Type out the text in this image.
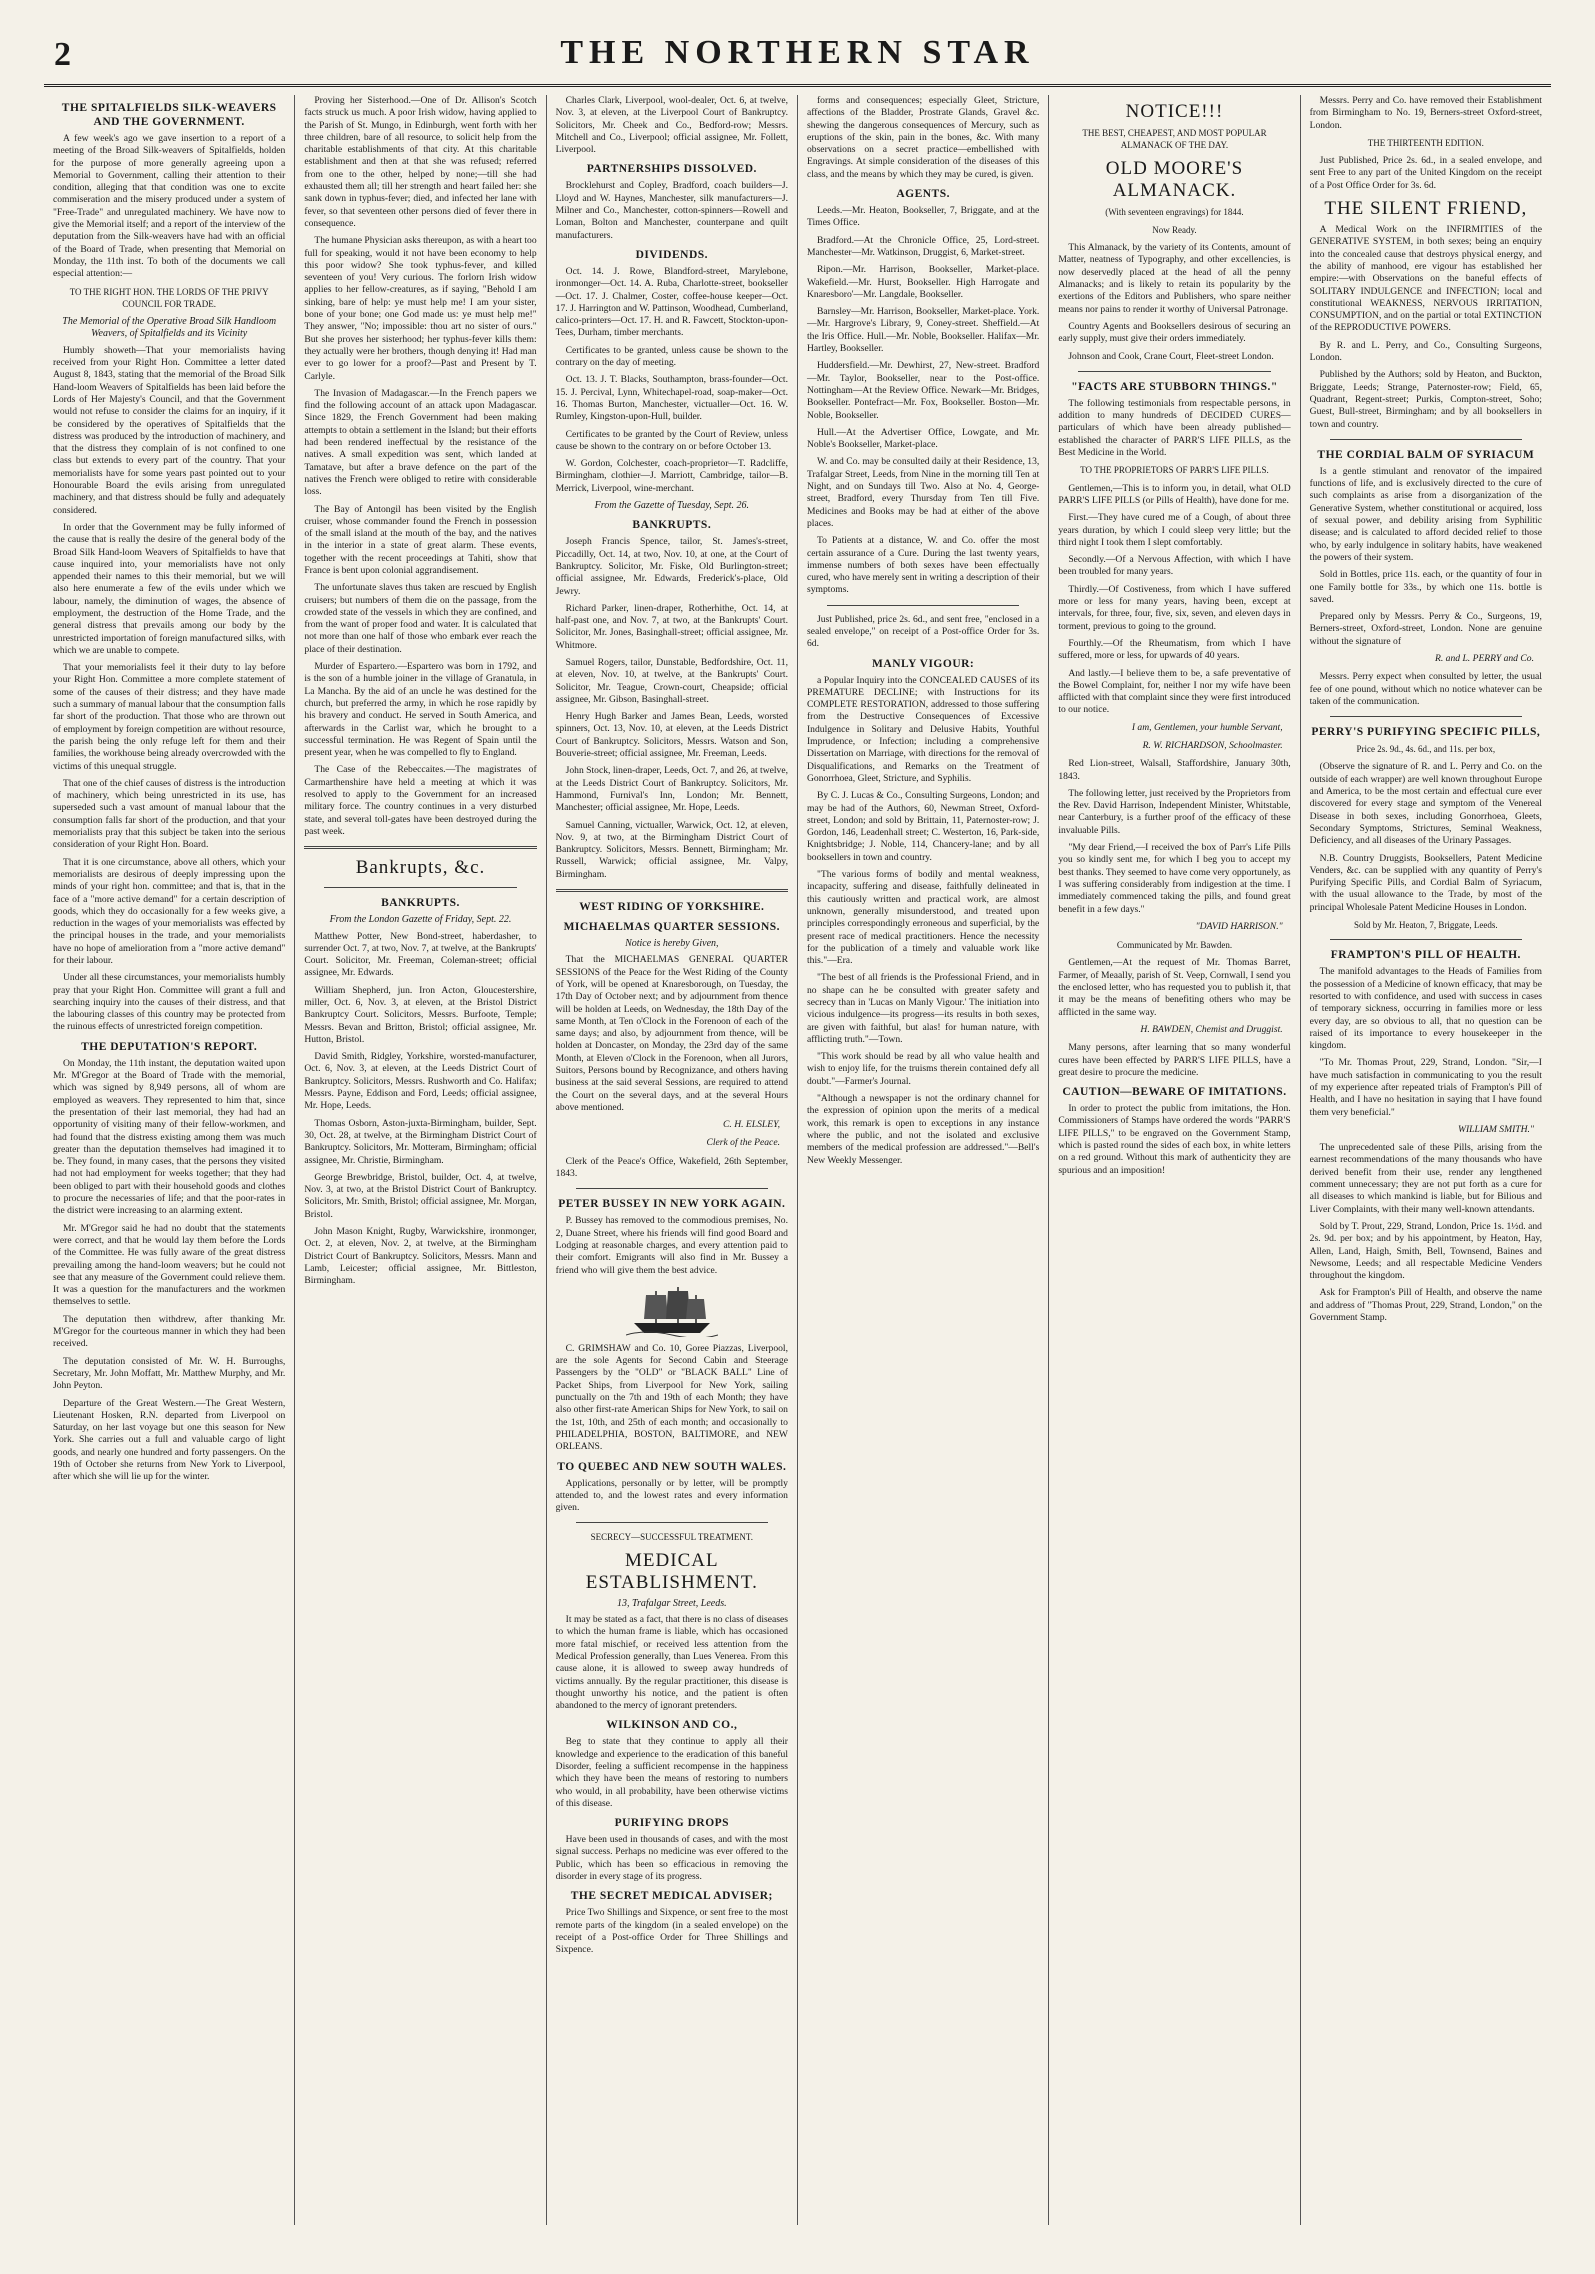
2	THE NORTHERN STAR
THE SPITALFIELDS SILK-WEAVERS AND THE GOVERNMENT.

A few week's ago we gave insertion to a report of a meeting of the Broad Silk-weavers of Spitalfields, holden for the purpose of more generally agreeing upon a Memorial to Government, calling their attention to their condition, alleging that that condition was one to excite commiseration and the misery produced under a system of "Free-Trade" and unregulated machinery. We have now to give the Memorial itself; and a report of the interview of the deputation from the Silk-weavers have had with an official of the Board of Trade, when presenting that Memorial on Monday, the 11th inst. To both of the documents we call especial attention:—

TO THE RIGHT HON. THE LORDS OF THE PRIVY COUNCIL FOR TRADE.
The Memorial of the Operative Broad Silk Handloom Weavers, of Spitalfields and its Vicinity

Humbly showeth—That your memorialists having received from your Right Hon. Committee a letter dated August 8, 1843, stating that the memorial of the Broad Silk Hand-loom Weavers of Spitalfields has been laid before the Lords of Her Majesty's Council, and that the Government would not refuse to consider the claims for an inquiry, if it be considered by the operatives of Spitalfields that the distress was produced by the introduction of machinery, and that the distress they complain of is not confined to one class but extends to every part of the country. That your memorialists have for some years past pointed out to your Honourable Board the evils arising from unregulated machinery, and that distress should be fully and adequately considered.

In order that the Government may be fully informed of the cause that is really the desire of the general body of the Broad Silk Hand-loom Weavers of Spitalfields to have that cause inquired into, your memorialists have not only appended their names to this their memorial, but we will also here enumerate a few of the evils under which we labour, namely, the diminution of wages, the absence of employment, the destruction of the Home Trade, and the general distress that prevails among our body by the unrestricted importation of foreign manufactured silks, with which we are unable to compete.

That your memorialists feel it their duty to lay before your Right Hon. Committee a more complete statement of some of the causes of their distress; and they have made such a summary of manual labour that the consumption falls far short of the production. That those who are thrown out of employment by foreign competition are without resource, the parish being the only refuge left for them and their families, the workhouse being already overcrowded with the victims of this unequal struggle.

That one of the chief causes of distress is the introduction of machinery, which being unrestricted in its use, has superseded such a vast amount of manual labour that the consumption falls far short of the production, and that your memorialists pray that this subject be taken into the serious consideration of your Right Hon. Board.

That it is one circumstance, above all others, which your memorialists are desirous of deeply impressing upon the minds of your right hon. committee; and that is, that in the face of a "more active demand" for a certain description of goods, which they do occasionally for a few weeks give, a reduction in the wages of your memorialists was effected by the principal houses in the trade, and your memorialists have no hope of amelioration from a "more active demand" for their labour.

Under all these circumstances, your memorialists humbly pray that your Right Hon. Committee will grant a full and searching inquiry into the causes of their distress, and that the labouring classes of this country may be protected from the ruinous effects of unrestricted foreign competition.

THE DEPUTATION'S REPORT.

On Monday, the 11th instant, the deputation waited upon Mr. M'Gregor at the Board of Trade with the memorial, which was signed by 8,949 persons, all of whom are employed as weavers. They represented to him that, since the presentation of their last memorial, they had had an opportunity of visiting many of their fellow-workmen, and had found that the distress existing among them was much greater than the deputation themselves had imagined it to be. They found, in many cases, that the persons they visited had not had employment for weeks together; that they had been obliged to part with their household goods and clothes to procure the necessaries of life; and that the poor-rates in the district were increasing to an alarming extent.

Mr. M'Gregor said he had no doubt that the statements were correct, and that he would lay them before the Lords of the Committee. He was fully aware of the great distress prevailing among the hand-loom weavers; but he could not see that any measure of the Government could relieve them. It was a question for the manufacturers and the workmen themselves to settle.

The deputation then withdrew, after thanking Mr. M'Gregor for the courteous manner in which they had been received.

The deputation consisted of Mr. W. H. Burroughs, Secretary, Mr. John Moffatt, Mr. Matthew Murphy, and Mr. John Peyton.

Departure of the Great Western.—The Great Western, Lieutenant Hosken, R.N. departed from Liverpool on Saturday, on her last voyage but one this season for New York. She carries out a full and valuable cargo of light goods, and nearly one hundred and forty passengers. On the 19th of October she returns from New York to Liverpool, after which she will lie up for the winter.

Proving her Sisterhood.—One of Dr. Allison's Scotch facts struck us much. A poor Irish widow, having applied to the Parish of St. Mungo, in Edinburgh, went forth with her three children, bare of all resource, to solicit help from the charitable establishments of that city. At this charitable establishment and then at that she was refused; referred from one to the other, helped by none;—till she had exhausted them all; till her strength and heart failed her: she sank down in typhus-fever; died, and infected her lane with fever, so that seventeen other persons died of fever there in consequence.

The humane Physician asks thereupon, as with a heart too full for speaking, would it not have been economy to help this poor widow? She took typhus-fever, and killed seventeen of you! Very curious. The forlorn Irish widow applies to her fellow-creatures, as if saying, "Behold I am sinking, bare of help: ye must help me! I am your sister, bone of your bone; one God made us: ye must help me!" They answer, "No; impossible: thou art no sister of ours." But she proves her sisterhood; her typhus-fever kills them: they actually were her brothers, though denying it! Had man ever to go lower for a proof?—Past and Present by T. Carlyle.

The Invasion of Madagascar.—In the French papers we find the following account of an attack upon Madagascar. Since 1829, the French Government had been making attempts to obtain a settlement in the Island; but their efforts had been rendered ineffectual by the resistance of the natives. A small expedition was sent, which landed at Tamatave, but after a brave defence on the part of the natives the French were obliged to retire with considerable loss.

The Bay of Antongil has been visited by the English cruiser, whose commander found the French in possession of the small island at the mouth of the bay, and the natives in the interior in a state of great alarm. These events, together with the recent proceedings at Tahiti, show that France is bent upon colonial aggrandisement.

The unfortunate slaves thus taken are rescued by English cruisers; but numbers of them die on the passage, from the crowded state of the vessels in which they are confined, and from the want of proper food and water. It is calculated that not more than one half of those who embark ever reach the place of their destination.

Murder of Espartero.—Espartero was born in 1792, and is the son of a humble joiner in the village of Granatula, in La Mancha. By the aid of an uncle he was destined for the church, but preferred the army, in which he rose rapidly by his bravery and conduct. He served in South America, and afterwards in the Carlist war, which he brought to a successful termination. He was Regent of Spain until the present year, when he was compelled to fly to England.

The Case of the Rebeccaites.—The magistrates of Carmarthenshire have held a meeting at which it was resolved to apply to the Government for an increased military force. The country continues in a very disturbed state, and several toll-gates have been destroyed during the past week.

Bankrupts, &c.
BANKRUPTS.
From the London Gazette of Friday, Sept. 22.

Matthew Potter, New Bond-street, haberdasher, to surrender Oct. 7, at two, Nov. 7, at twelve, at the Bankrupts' Court. Solicitor, Mr. Freeman, Coleman-street; official assignee, Mr. Edwards.

William Shepherd, jun. Iron Acton, Gloucestershire, miller, Oct. 6, Nov. 3, at eleven, at the Bristol District Bankruptcy Court. Solicitors, Messrs. Burfoote, Temple; Messrs. Bevan and Britton, Bristol; official assignee, Mr. Hutton, Bristol.

David Smith, Ridgley, Yorkshire, worsted-manufacturer, Oct. 6, Nov. 3, at eleven, at the Leeds District Court of Bankruptcy. Solicitors, Messrs. Rushworth and Co. Halifax; Messrs. Payne, Eddison and Ford, Leeds; official assignee, Mr. Hope, Leeds.

Thomas Osborn, Aston-juxta-Birmingham, builder, Sept. 30, Oct. 28, at twelve, at the Birmingham District Court of Bankruptcy. Solicitors, Mr. Motteram, Birmingham; official assignee, Mr. Christie, Birmingham.

George Brewbridge, Bristol, builder, Oct. 4, at twelve, Nov. 3, at two, at the Bristol District Court of Bankruptcy. Solicitors, Mr. Smith, Bristol; official assignee, Mr. Morgan, Bristol.

John Mason Knight, Rugby, Warwickshire, ironmonger, Oct. 2, at eleven, Nov. 2, at twelve, at the Birmingham District Court of Bankruptcy. Solicitors, Messrs. Mann and Lamb, Leicester; official assignee, Mr. Bittleston, Birmingham.

Charles Clark, Liverpool, wool-dealer, Oct. 6, at twelve, Nov. 3, at eleven, at the Liverpool Court of Bankruptcy. Solicitors, Mr. Cheek and Co., Bedford-row; Messrs. Mitchell and Co., Liverpool; official assignee, Mr. Follett, Liverpool.

PARTNERSHIPS DISSOLVED.

Brocklehurst and Copley, Bradford, coach builders—J. Lloyd and W. Haynes, Manchester, silk manufacturers—J. Milner and Co., Manchester, cotton-spinners—Rowell and Loman, Bolton and Manchester, counterpane and quilt manufacturers.

DIVIDENDS.

Oct. 14. J. Rowe, Blandford-street, Marylebone, ironmonger—Oct. 14. A. Ruba, Charlotte-street, bookseller—Oct. 17. J. Chalmer, Coster, coffee-house keeper—Oct. 17. J. Harrington and W. Pattinson, Woodhead, Cumberland, calico-printers—Oct. 17. H. and R. Fawcett, Stockton-upon-Tees, Durham, timber merchants.

Certificates to be granted, unless cause be shown to the contrary on the day of meeting.

Oct. 13. J. T. Blacks, Southampton, brass-founder—Oct. 15. J. Percival, Lynn, Whitechapel-road, soap-maker—Oct. 16. Thomas Burton, Manchester, victualler—Oct. 16. W. Rumley, Kingston-upon-Hull, builder.

Certificates to be granted by the Court of Review, unless cause be shown to the contrary on or before October 13.

W. Gordon, Colchester, coach-proprietor—T. Radcliffe, Birmingham, clothier—J. Marriott, Cambridge, tailor—B. Merrick, Liverpool, wine-merchant.

From the Gazette of Tuesday, Sept. 26.
BANKRUPTS.

Joseph Francis Spence, tailor, St. James's-street, Piccadilly, Oct. 14, at two, Nov. 10, at one, at the Court of Bankruptcy. Solicitor, Mr. Fiske, Old Burlington-street; official assignee, Mr. Edwards, Frederick's-place, Old Jewry.

Richard Parker, linen-draper, Rotherhithe, Oct. 14, at half-past one, and Nov. 7, at two, at the Bankrupts' Court. Solicitor, Mr. Jones, Basinghall-street; official assignee, Mr. Whitmore.

Samuel Rogers, tailor, Dunstable, Bedfordshire, Oct. 11, at eleven, Nov. 10, at twelve, at the Bankrupts' Court. Solicitor, Mr. Teague, Crown-court, Cheapside; official assignee, Mr. Gibson, Basinghall-street.

Henry Hugh Barker and James Bean, Leeds, worsted spinners, Oct. 13, Nov. 10, at eleven, at the Leeds District Court of Bankruptcy. Solicitors, Messrs. Watson and Son, Bouverie-street; official assignee, Mr. Freeman, Leeds.

John Stock, linen-draper, Leeds, Oct. 7, and 26, at twelve, at the Leeds District Court of Bankruptcy. Solicitors, Mr. Hammond, Furnival's Inn, London; Mr. Bennett, Manchester; official assignee, Mr. Hope, Leeds.

Samuel Canning, victualler, Warwick, Oct. 12, at eleven, Nov. 9, at two, at the Birmingham District Court of Bankruptcy. Solicitors, Messrs. Bennett, Birmingham; Mr. Russell, Warwick; official assignee, Mr. Valpy, Birmingham.

WEST RIDING OF YORKSHIRE.
MICHAELMAS QUARTER SESSIONS.
Notice is hereby Given,

That the MICHAELMAS GENERAL QUARTER SESSIONS of the Peace for the West Riding of the County of York, will be opened at Knaresborough, on Tuesday, the 17th Day of October next; and by adjournment from thence will be holden at Leeds, on Wednesday, the 18th Day of the same Month, at Ten o'Clock in the Forenoon of each of the same days; and also, by adjournment from thence, will be holden at Doncaster, on Monday, the 23rd day of the same Month, at Eleven o'Clock in the Forenoon, when all Jurors, Suitors, Persons bound by Recognizance, and others having business at the said several Sessions, are required to attend the Court on the several days, and at the several Hours above mentioned.

C. H. ELSLEY,
Clerk of the Peace.

Clerk of the Peace's Office, Wakefield, 26th September, 1843.

PETER BUSSEY IN NEW YORK AGAIN.

P. Bussey has removed to the commodious premises, No. 2, Duane Street, where his friends will find good Board and Lodging at reasonable charges, and every attention paid to their comfort. Emigrants will also find in Mr. Bussey a friend who will give them the best advice.

C. GRIMSHAW and Co. 10, Goree Piazzas, Liverpool, are the sole Agents for Second Cabin and Steerage Passengers by the "OLD" or "BLACK BALL" Line of Packet Ships, from Liverpool for New York, sailing punctually on the 7th and 19th of each Month; they have also other first-rate American Ships for New York, to sail on the 1st, 10th, and 25th of each month; and occasionally to PHILADELPHIA, BOSTON, BALTIMORE, and NEW ORLEANS.

TO QUEBEC AND NEW SOUTH WALES.

Applications, personally or by letter, will be promptly attended to, and the lowest rates and every information given.

SECRECY—SUCCESSFUL TREATMENT.
MEDICAL ESTABLISHMENT.
13, Trafalgar Street, Leeds.

It may be stated as a fact, that there is no class of diseases to which the human frame is liable, which has occasioned more fatal mischief, or received less attention from the Medical Profession generally, than Lues Venerea. From this cause alone, it is allowed to sweep away hundreds of victims annually. By the regular practitioner, this disease is thought unworthy his notice, and the patient is often abandoned to the mercy of ignorant pretenders.

WILKINSON AND CO.,

Beg to state that they continue to apply all their knowledge and experience to the eradication of this baneful Disorder, feeling a sufficient recompense in the happiness which they have been the means of restoring to numbers who would, in all probability, have been otherwise victims of this disease.

PURIFYING DROPS

Have been used in thousands of cases, and with the most signal success. Perhaps no medicine was ever offered to the Public, which has been so efficacious in removing the disorder in every stage of its progress.

THE SECRET MEDICAL ADVISER;

Price Two Shillings and Sixpence, or sent free to the most remote parts of the kingdom (in a sealed envelope) on the receipt of a Post-office Order for Three Shillings and Sixpence.

forms and consequences; especially Gleet, Stricture, affections of the Bladder, Prostrate Glands, Gravel &c. shewing the dangerous consequences of Mercury, such as eruptions of the skin, pain in the bones, &c. With many observations on a secret practice—embellished with Engravings. At simple consideration of the diseases of this class, and the means by which they may be cured, is given.

AGENTS.

Leeds.—Mr. Heaton, Bookseller, 7, Briggate, and at the Times Office.

Bradford.—At the Chronicle Office, 25, Lord-street. Manchester—Mr. Watkinson, Druggist, 6, Market-street.

Ripon.—Mr. Harrison, Bookseller, Market-place. Wakefield.—Mr. Hurst, Bookseller. High Harrogate and Knaresboro'—Mr. Langdale, Bookseller.

Barnsley—Mr. Harrison, Bookseller, Market-place. York.—Mr. Hargrove's Library, 9, Coney-street. Sheffield.—At the Iris Office. Hull.—Mr. Noble, Bookseller. Halifax—Mr. Hartley, Bookseller.

Huddersfield.—Mr. Dewhirst, 27, New-street. Bradford—Mr. Taylor, Bookseller, near to the Post-office. Nottingham—At the Review Office. Newark—Mr. Bridges, Bookseller. Pontefract—Mr. Fox, Bookseller. Boston—Mr. Noble, Bookseller.

Hull.—At the Advertiser Office, Lowgate, and Mr. Noble's Bookseller, Market-place.

W. and Co. may be consulted daily at their Residence, 13, Trafalgar Street, Leeds, from Nine in the morning till Ten at Night, and on Sundays till Two. Also at No. 4, George-street, Bradford, every Thursday from Ten till Five. Medicines and Books may be had at either of the above places.

To Patients at a distance, W. and Co. offer the most certain assurance of a Cure. During the last twenty years, immense numbers of both sexes have been effectually cured, who have merely sent in writing a description of their symptoms.

Just Published, price 2s. 6d., and sent free, "enclosed in a sealed envelope," on receipt of a Post-office Order for 3s. 6d.

MANLY VIGOUR:

a Popular Inquiry into the CONCEALED CAUSES of its PREMATURE DECLINE; with Instructions for its COMPLETE RESTORATION, addressed to those suffering from the Destructive Consequences of Excessive Indulgence in Solitary and Delusive Habits, Youthful Imprudence, or Infection; including a comprehensive Dissertation on Marriage, with directions for the removal of Disqualifications, and Remarks on the Treatment of Gonorrhoea, Gleet, Stricture, and Syphilis.

By C. J. Lucas & Co., Consulting Surgeons, London; and may be had of the Authors, 60, Newman Street, Oxford-street, London; and sold by Brittain, 11, Paternoster-row; J. Gordon, 146, Leadenhall street; C. Westerton, 16, Park-side, Knightsbridge; J. Noble, 114, Chancery-lane; and by all booksellers in town and country.

"The various forms of bodily and mental weakness, incapacity, suffering and disease, faithfully delineated in this cautiously written and practical work, are almost unknown, generally misunderstood, and treated upon principles correspondingly erroneous and superficial, by the present race of medical practitioners. Hence the necessity for the publication of a timely and valuable work like this."—Era.

"The best of all friends is the Professional Friend, and in no shape can he be consulted with greater safety and secrecy than in 'Lucas on Manly Vigour.' The initiation into vicious indulgence—its progress—its results in both sexes, are given with faithful, but alas! for human nature, with afflicting truth."—Town.

"This work should be read by all who value health and wish to enjoy life, for the truisms therein contained defy all doubt."—Farmer's Journal.

"Although a newspaper is not the ordinary channel for the expression of opinion upon the merits of a medical work, this remark is open to exceptions in any instance where the public, and not the isolated and exclusive members of the medical profession are addressed."—Bell's New Weekly Messenger.

NOTICE!!!
THE BEST, CHEAPEST, AND MOST POPULAR ALMANACK OF THE DAY.
OLD MOORE'S ALMANACK.
(With seventeen engravings) for 1844.
Now Ready.

This Almanack, by the variety of its Contents, amount of Matter, neatness of Typography, and other excellencies, is now deservedly placed at the head of all the penny Almanacks; and is likely to retain its popularity by the exertions of the Editors and Publishers, who spare neither means nor pains to render it worthy of Universal Patronage.

Country Agents and Booksellers desirous of securing an early supply, must give their orders immediately.

Johnson and Cook, Crane Court, Fleet-street London.

"FACTS ARE STUBBORN THINGS."

The following testimonials from respectable persons, in addition to many hundreds of DECIDED CURES—particulars of which have been already published—established the character of PARR'S LIFE PILLS, as the Best Medicine in the World.

TO THE PROPRIETORS OF PARR'S LIFE PILLS.

Gentlemen,—This is to inform you, in detail, what OLD PARR'S LIFE PILLS (or Pills of Health), have done for me.

First.—They have cured me of a Cough, of about three years duration, by which I could sleep very little; but the third night I took them I slept comfortably.

Secondly.—Of a Nervous Affection, with which I have been troubled for many years.

Thirdly.—Of Costiveness, from which I have suffered more or less for many years, having been, except at intervals, for three, four, five, six, seven, and eleven days in torment, previous to going to the ground.

Fourthly.—Of the Rheumatism, from which I have suffered, more or less, for upwards of 40 years.

And lastly.—I believe them to be, a safe preventative of the Bowel Complaint, for, neither I nor my wife have been afflicted with that complaint since they were first introduced to our notice.

I am, Gentlemen, your humble Servant,
R. W. RICHARDSON, Schoolmaster.

Red Lion-street, Walsall, Staffordshire, January 30th, 1843.

The following letter, just received by the Proprietors from the Rev. David Harrison, Independent Minister, Whitstable, near Canterbury, is a further proof of the efficacy of these invaluable Pills.

"My dear Friend,—I received the box of Parr's Life Pills you so kindly sent me, for which I beg you to accept my best thanks. They seemed to have come very opportunely, as I was suffering considerably from indigestion at the time. I immediately commenced taking the pills, and found great benefit in a few days."

"DAVID HARRISON."
Communicated by Mr. Bawden.

Gentlemen,—At the request of Mr. Thomas Barret, Farmer, of Meaally, parish of St. Veep, Cornwall, I send you the enclosed letter, who has requested you to publish it, that it may be the means of benefiting others who may be afflicted in the same way.

H. BAWDEN, Chemist and Druggist.

Many persons, after learning that so many wonderful cures have been effected by PARR'S LIFE PILLS, have a great desire to procure the medicine.

CAUTION—BEWARE OF IMITATIONS.

In order to protect the public from imitations, the Hon. Commissioners of Stamps have ordered the words "PARR'S LIFE PILLS," to be engraved on the Government Stamp, which is pasted round the sides of each box, in white letters on a red ground. Without this mark of authenticity they are spurious and an imposition!

Messrs. Perry and Co. have removed their Establishment from Birmingham to No. 19, Berners-street Oxford-street, London.

THE THIRTEENTH EDITION.

Just Published, Price 2s. 6d., in a sealed envelope, and sent Free to any part of the United Kingdom on the receipt of a Post Office Order for 3s. 6d.

THE SILENT FRIEND,

A Medical Work on the INFIRMITIES of the GENERATIVE SYSTEM, in both sexes; being an enquiry into the concealed cause that destroys physical energy, and the ability of manhood, ere vigour has established her empire:—with Observations on the baneful effects of SOLITARY INDULGENCE and INFECTION; local and constitutional WEAKNESS, NERVOUS IRRITATION, CONSUMPTION, and on the partial or total EXTINCTION of the REPRODUCTIVE POWERS.

By R. and L. Perry, and Co., Consulting Surgeons, London.

Published by the Authors; sold by Heaton, and Buckton, Briggate, Leeds; Strange, Paternoster-row; Field, 65, Quadrant, Regent-street; Purkis, Compton-street, Soho; Guest, Bull-street, Birmingham; and by all booksellers in town and country.

THE CORDIAL BALM OF SYRIACUM

Is a gentle stimulant and renovator of the impaired functions of life, and is exclusively directed to the cure of such complaints as arise from a disorganization of the Generative System, whether constitutional or acquired, loss of sexual power, and debility arising from Syphilitic disease; and is calculated to afford decided relief to those who, by early indulgence in solitary habits, have weakened the powers of their system.

Sold in Bottles, price 11s. each, or the quantity of four in one Family bottle for 33s., by which one 11s. bottle is saved.

Prepared only by Messrs. Perry & Co., Surgeons, 19, Berners-street, Oxford-street, London. None are genuine without the signature of

R. and L. PERRY and Co.

Messrs. Perry expect when consulted by letter, the usual fee of one pound, without which no notice whatever can be taken of the communication.

PERRY'S PURIFYING SPECIFIC PILLS,
Price 2s. 9d., 4s. 6d., and 11s. per box,

(Observe the signature of R. and L. Perry and Co. on the outside of each wrapper) are well known throughout Europe and America, to be the most certain and effectual cure ever discovered for every stage and symptom of the Venereal Disease in both sexes, including Gonorrhoea, Gleets, Secondary Symptoms, Strictures, Seminal Weakness, Deficiency, and all diseases of the Urinary Passages.

N.B. Country Druggists, Booksellers, Patent Medicine Venders, &c. can be supplied with any quantity of Perry's Purifying Specific Pills, and Cordial Balm of Syriacum, with the usual allowance to the Trade, by most of the principal Wholesale Patent Medicine Houses in London.

Sold by Mr. Heaton, 7, Briggate, Leeds.
FRAMPTON'S PILL OF HEALTH.

The manifold advantages to the Heads of Families from the possession of a Medicine of known efficacy, that may be resorted to with confidence, and used with success in cases of temporary sickness, occurring in families more or less every day, are so obvious to all, that no question can be raised of its importance to every housekeeper in the kingdom.

"To Mr. Thomas Prout, 229, Strand, London. "Sir,—I have much satisfaction in communicating to you the result of my experience after repeated trials of Frampton's Pill of Health, and I have no hesitation in saying that I have found them very beneficial."

WILLIAM SMITH."

The unprecedented sale of these Pills, arising from the earnest recommendations of the many thousands who have derived benefit from their use, render any lengthened comment unnecessary; they are not put forth as a cure for all diseases to which mankind is liable, but for Bilious and Liver Complaints, with their many well-known attendants.

Sold by T. Prout, 229, Strand, London, Price 1s. 1½d. and 2s. 9d. per box; and by his appointment, by Heaton, Hay, Allen, Land, Haigh, Smith, Bell, Townsend, Baines and Newsome, Leeds; and all respectable Medicine Venders throughout the kingdom.

Ask for Frampton's Pill of Health, and observe the name and address of "Thomas Prout, 229, Strand, London," on the Government Stamp.
